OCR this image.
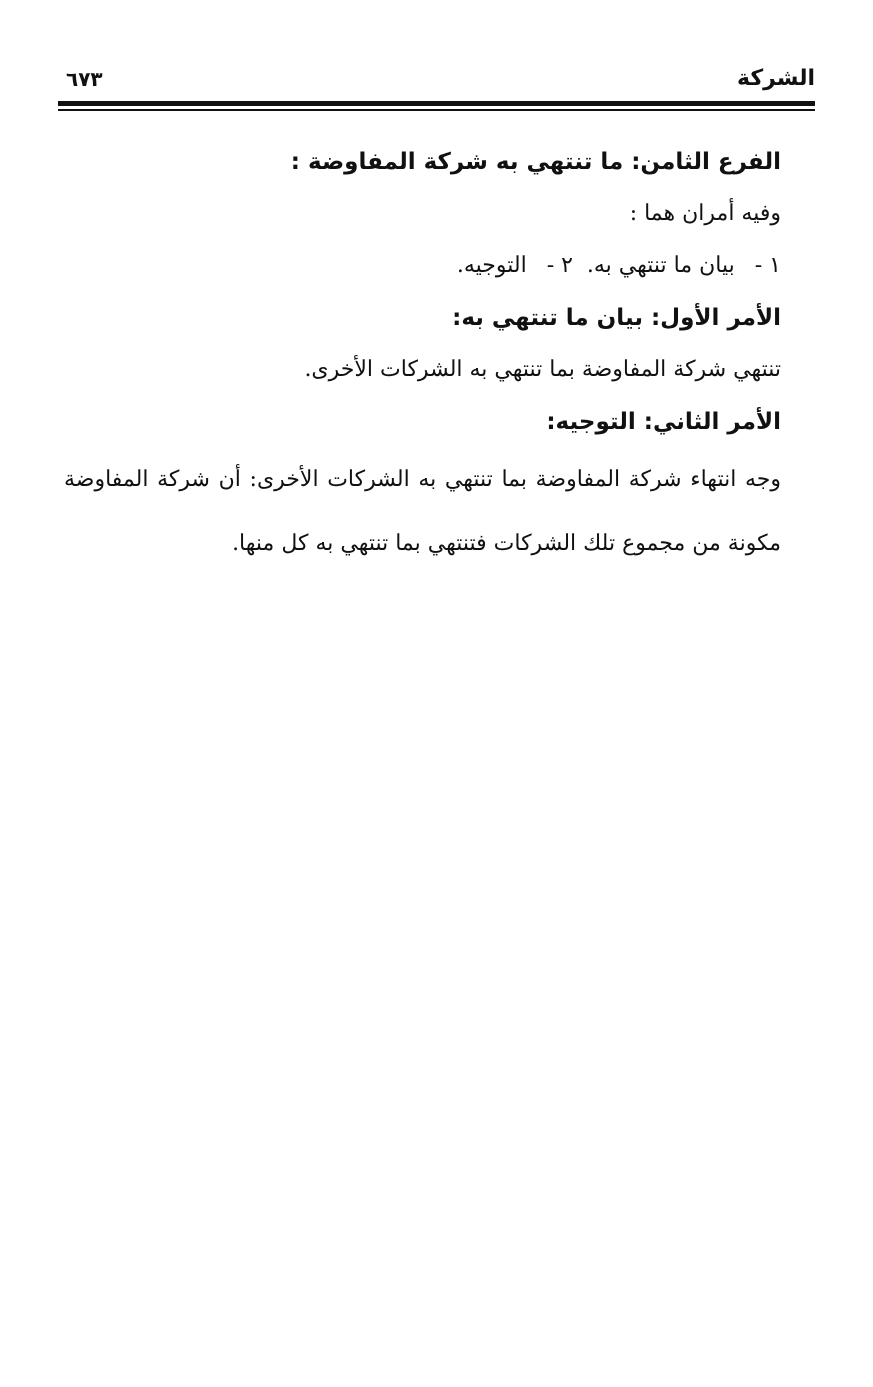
الشركة
٦٧٣

الفرع الثامن: ما تنتهي به شركة المفاوضة :

وفيه أمران هما :

١ -بيان ما تنتهي به.
٢ -التوجيه.

الأمر الأول: بيان ما تنتهي به:

تنتهي شركة المفاوضة بما تنتهي به الشركات الأخرى.

الأمر الثاني: التوجيه:

وجه انتهاء شركة المفاوضة بما تنتهي به الشركات الأخرى: أن شركة المفاوضة مكونة من مجموع تلك الشركات فتنتهي بما تنتهي به كل منها.
